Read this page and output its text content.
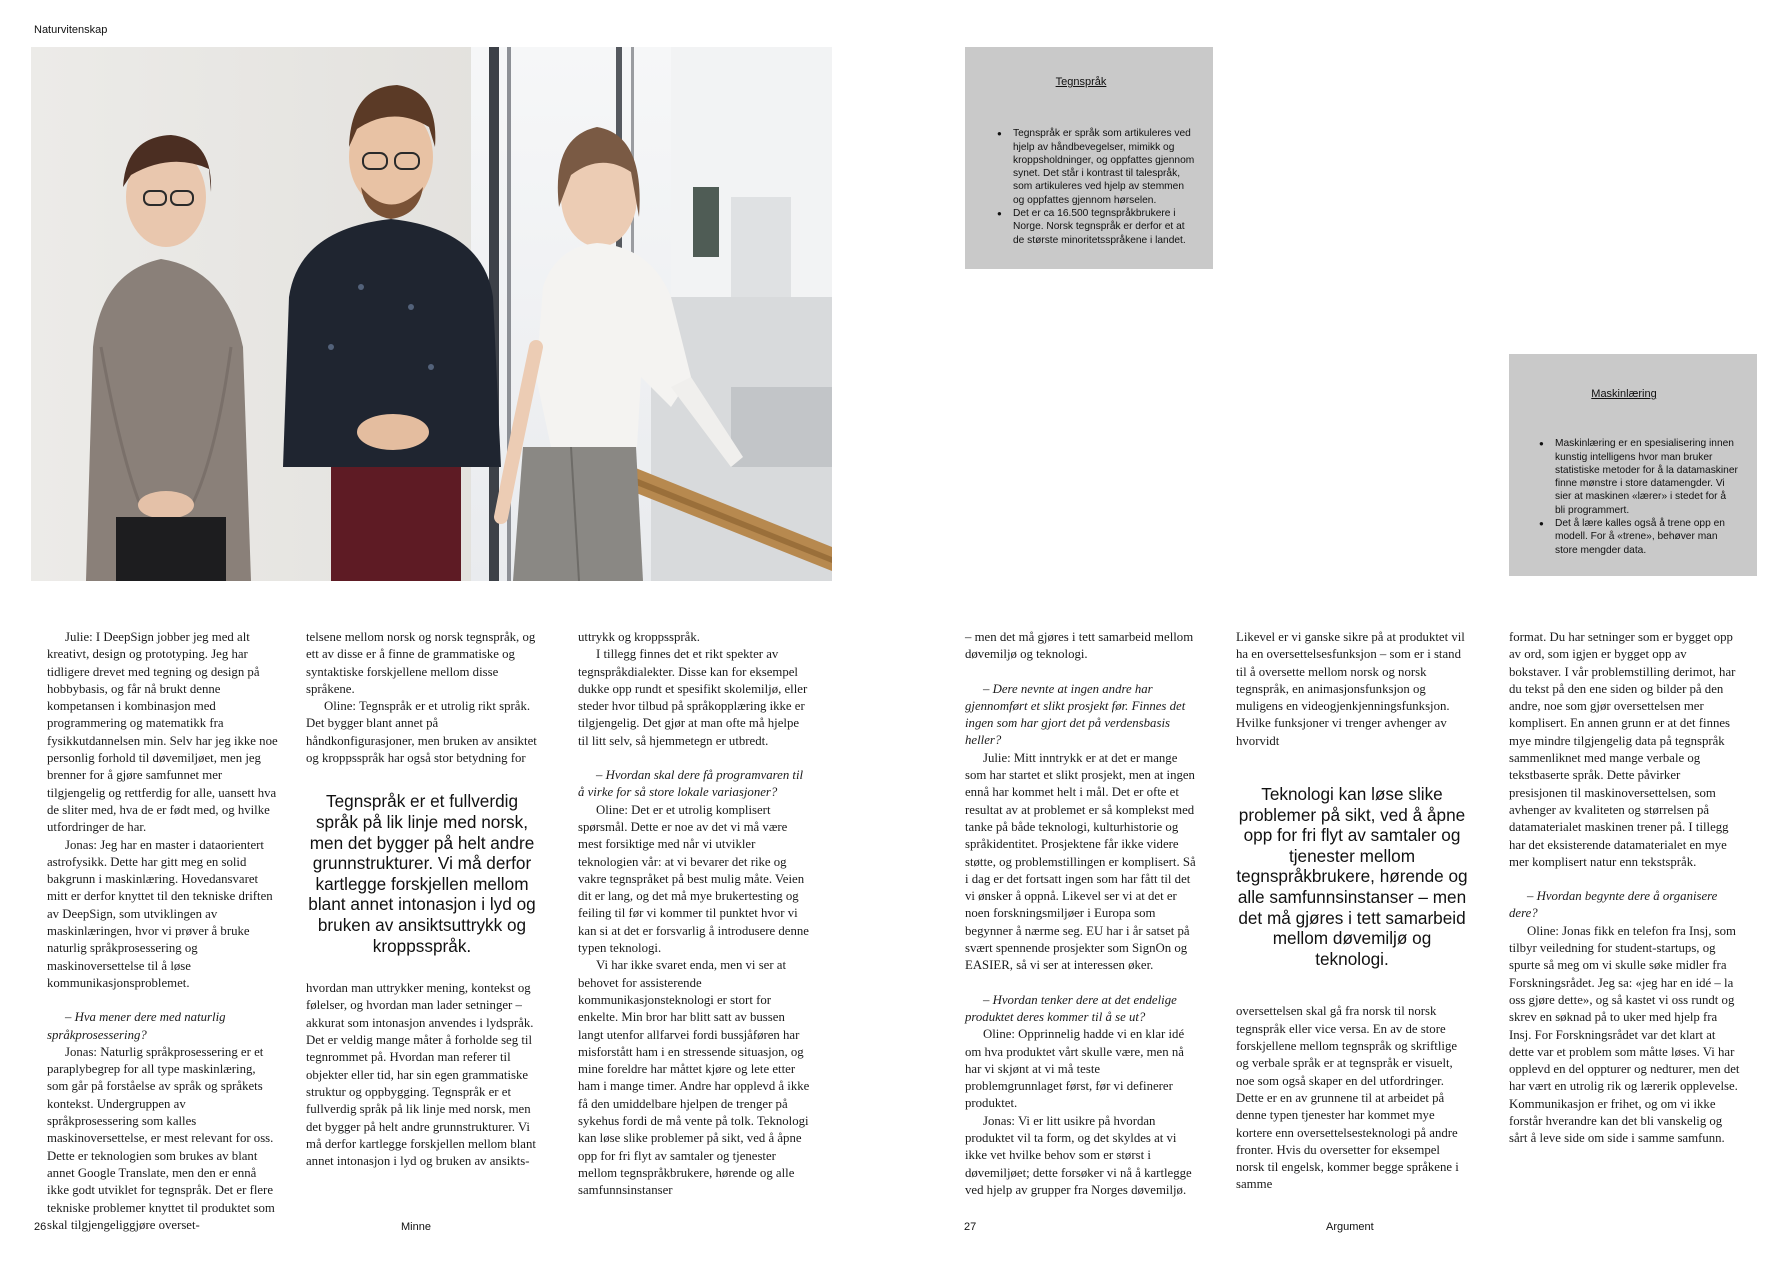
Naturvitenskap
Tegnspråk
● Tegnspråk er språk som artikuleres ved hjelp av håndbevegelser, mimikk og kroppsholdninger, og oppfattes gjennom synet. Det står i kontrast til talespråk, som artikuleres ved hjelp av stemmen og oppfattes gjennom hørselen.
● Det er ca 16.500 tegnspråkbrukere i Norge. Norsk tegnspråk er derfor et at de største minoritetsspråkene i landet.
Maskinlæring
● Maskinlæring er en spesialisering innen kunstig intelligens hvor man bruker statistiske metoder for å la datamaskiner finne mønstre i store datamengder. Vi sier at maskinen «lærer» i stedet for å bli programmert.
● Det å lære kalles også å trene opp en modell. For å «trene», behøver man store mengder data.

Julie: I DeepSign jobber jeg med alt kreativt, design og prototyping. Jeg har tidligere drevet med tegning og design på hobbybasis, og får nå brukt denne kompetansen i kombinasjon med programmering og matematikk fra fysikkutdannelsen min. Selv har jeg ikke noe personlig forhold til døvemiljøet, men jeg brenner for å gjøre samfunnet mer tilgjengelig og rettferdig for alle, uansett hva de sliter med, hva de er født med, og hvilke utfordringer de har.

Jonas: Jeg har en master i dataorientert astrofysikk. Dette har gitt meg en solid bakgrunn i maskinlæring. Hovedansvaret mitt er derfor knyttet til den tekniske driften av DeepSign, som utviklingen av maskinlæringen, hvor vi prøver å bruke naturlig språkprosessering og maskinoversettelse til å løse kommunikasjonsproblemet.

– Hva mener dere med naturlig språkprosessering?

Jonas: Naturlig språkprosessering er et paraplybegrep for all type maskinlæring, som går på forståelse av språk og språkets kontekst. Undergruppen av språkprosessering som kalles maskinoversettelse, er mest relevant for oss. Dette er teknologien som brukes av blant annet Google Translate, men den er ennå ikke godt utviklet for tegnspråk. Det er flere tekniske problemer knyttet til produktet som skal tilgjengeliggjøre overset-

telsene mellom norsk og norsk tegnspråk, og ett av disse er å finne de grammatiske og syntaktiske forskjellene mellom disse språkene.

Oline: Tegnspråk er et utrolig rikt språk. Det bygger blant annet på håndkonfigurasjoner, men bruken av ansiktet og kroppsspråk har også stor betydning for

Tegnspråk er et fullverdig språk på lik linje med norsk, men det bygger på helt andre grunnstrukturer. Vi må derfor kartlegge forskjellen mellom blant annet intonasjon i lyd og bruken av ansiktsuttrykk og kroppsspråk.

hvordan man uttrykker mening, kontekst og følelser, og hvordan man lader setninger – akkurat som intonasjon anvendes i lydspråk. Det er veldig mange måter å forholde seg til tegnrommet på. Hvordan man referer til objekter eller tid, har sin egen grammatiske struktur og oppbygging. Tegnspråk er et fullverdig språk på lik linje med norsk, men det bygger på helt andre grunnstrukturer. Vi må derfor kartlegge forskjellen mellom blant annet intonasjon i lyd og bruken av ansikts-

uttrykk og kroppsspråk.

I tillegg finnes det et rikt spekter av tegnspråkdialekter. Disse kan for eksempel dukke opp rundt et spesifikt skolemiljø, eller steder hvor tilbud på språkopplæring ikke er tilgjengelig. Det gjør at man ofte må hjelpe til litt selv, så hjemmetegn er utbredt.

– Hvordan skal dere få programvaren til å virke for så store lokale variasjoner?

Oline: Det er et utrolig komplisert spørsmål. Dette er noe av det vi må være mest forsiktige med når vi utvikler teknologien vår: at vi bevarer det rike og vakre tegnspråket på best mulig måte. Veien dit er lang, og det må mye brukertesting og feiling til før vi kommer til punktet hvor vi kan si at det er forsvarlig å introdusere denne typen teknologi.

Vi har ikke svaret enda, men vi ser at behovet for assisterende kommunikasjonsteknologi er stort for enkelte. Min bror har blitt satt av bussen langt utenfor allfarvei fordi bussjåføren har misforstått ham i en stressende situasjon, og mine foreldre har måttet kjøre og lete etter ham i mange timer. Andre har opplevd å ikke få den umiddelbare hjelpen de trenger på sykehus fordi de må vente på tolk. Teknologi kan løse slike problemer på sikt, ved å åpne opp for fri flyt av samtaler og tjenester mellom tegnspråkbrukere, hørende og alle samfunnsinstanser

– men det må gjøres i tett samarbeid mellom døvemiljø og teknologi.

– Dere nevnte at ingen andre har gjennomført et slikt prosjekt før. Finnes det ingen som har gjort det på verdensbasis heller?

Julie: Mitt inntrykk er at det er mange som har startet et slikt prosjekt, men at ingen ennå har kommet helt i mål. Det er ofte et resultat av at problemet er så komplekst med tanke på både teknologi, kulturhistorie og språkidentitet. Prosjektene får ikke videre støtte, og problemstillingen er komplisert. Så i dag er det fortsatt ingen som har fått til det vi ønsker å oppnå. Likevel ser vi at det er noen forskningsmiljøer i Europa som begynner å nærme seg. EU har i år satset på svært spennende prosjekter som SignOn og EASIER, så vi ser at interessen øker.

– Hvordan tenker dere at det endelige produktet deres kommer til å se ut?

Oline: Opprinnelig hadde vi en klar idé om hva produktet vårt skulle være, men nå har vi skjønt at vi må teste problemgrunnlaget først, før vi definerer produktet.

Jonas: Vi er litt usikre på hvordan produktet vil ta form, og det skyldes at vi ikke vet hvilke behov som er størst i døvemiljøet; dette forsøker vi nå å kartlegge ved hjelp av grupper fra Norges døvemiljø.

Likevel er vi ganske sikre på at produktet vil ha en oversettelsesfunksjon – som er i stand til å oversette mellom norsk og norsk tegnspråk, en animasjonsfunksjon og muligens en videogjenkjenningsfunksjon. Hvilke funksjoner vi trenger avhenger av hvorvidt

Teknologi kan løse slike problemer på sikt, ved å åpne opp for fri flyt av samtaler og tjenester mellom tegnspråkbrukere, hørende og alle samfunnsinstanser – men det må gjøres i tett samarbeid mellom døvemiljø og teknologi.

oversettelsen skal gå fra norsk til norsk tegnspråk eller vice versa. En av de store forskjellene mellom tegnspråk og skriftlige og verbale språk er at tegnspråk er visuelt, noe som også skaper en del utfordringer. Dette er en av grunnene til at arbeidet på denne typen tjenester har kommet mye kortere enn oversettelsesteknologi på andre fronter. Hvis du oversetter for eksempel norsk til engelsk, kommer begge språkene i samme

format. Du har setninger som er bygget opp av ord, som igjen er bygget opp av bokstaver. I vår problemstilling derimot, har du tekst på den ene siden og bilder på den andre, noe som gjør oversettelsen mer komplisert. En annen grunn er at det finnes mye mindre tilgjengelig data på tegnspråk sammenliknet med mange verbale og tekstbaserte språk. Dette påvirker presisjonen til maskinoversettelsen, som avhenger av kvaliteten og størrelsen på datamaterialet maskinen trener på. I tillegg har det eksisterende datamaterialet en mye mer komplisert natur enn tekstspråk.

– Hvordan begynte dere å organisere dere?

Oline: Jonas fikk en telefon fra Insj, som tilbyr veiledning for student-startups, og spurte så meg om vi skulle søke midler fra Forskningsrådet. Jeg sa: «jeg har en idé – la oss gjøre dette», og så kastet vi oss rundt og skrev en søknad på to uker med hjelp fra Insj. For Forskningsrådet var det klart at dette var et problem som måtte løses. Vi har opplevd en del oppturer og nedturer, men det har vært en utrolig rik og lærerik opplevelse. Kommunikasjon er frihet, og om vi ikke forstår hverandre kan det bli vanskelig og sårt å leve side om side i samme samfunn.

26	Minne	27	Argument
